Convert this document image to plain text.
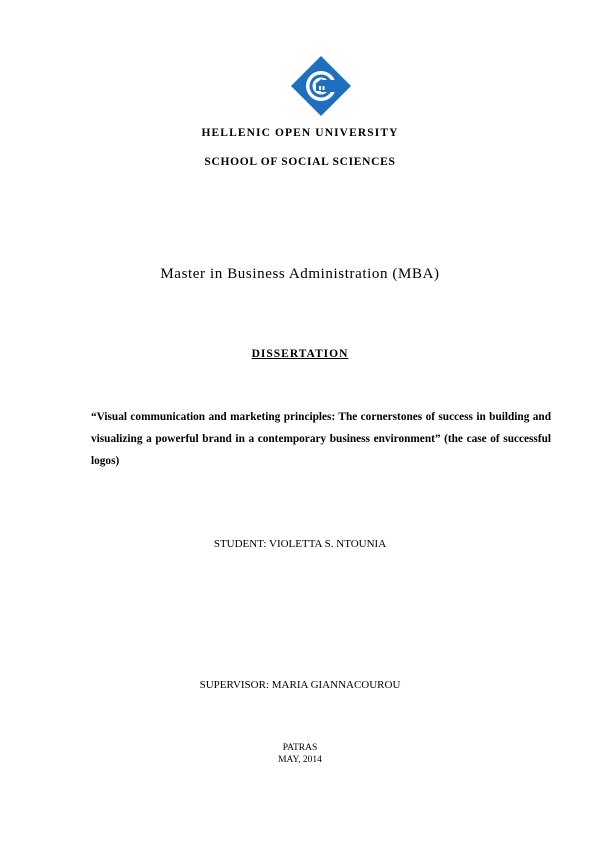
HELLENIC OPEN UNIVERSITY
SCHOOL OF SOCIAL SCIENCES
Master in Business Administration (MBA)
DISSERTATION

“Visual communication and marketing principles: The cornerstones of success in building and visualizing a powerful brand in a contemporary business environment” (the case of successful logos)

STUDENT: VIOLETTA S. NTOUNIA
SUPERVISOR: MARIA GIANNACOUROU
PATRAS
MAY, 2014
